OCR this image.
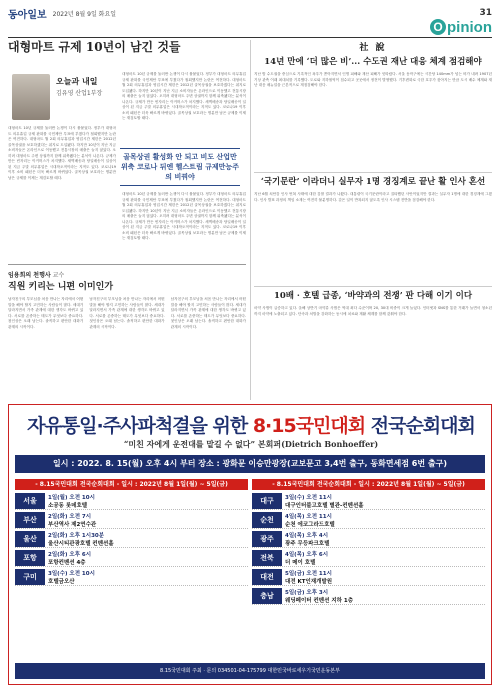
동아일보 2022년 8월 9일 화요일	31
O pinion
대형마트 규제 10년이 남긴 것들
오늘과 내일
김유영 산업1부장
대형마트 10년 규제를 둘러싼 논쟁이 다시 불붙었다. 정부가 대형마트 의무휴업 규제 완화를 국민제안 투표에 부쳤다가 철회했지만 논란은 여전하다. 대형마트 월 2회 의무휴업과 영업시간 제한은 2012년 골목상권을 보호하겠다는 취지로 도입됐다. 하지만 10년이 지난 지금 소비자들은 온라인으로 이동했고 전통시장의 매출은 늘지 않았다. 오히려 대형마트 주변 상권까지 함께 위축됐다는 분석이 나온다. 규제가 만든 빈자리는 이커머스가 차지했다. 새벽배송과 당일배송이 일상이 된 지금 주말 의무휴업은 시대착오적이라는 지적도 있다. 코로나19 이후 소비 패턴은 더욱 빠르게 바뀌었다. 골목상권 보호라는 명분만 남은 규제를 이제는 재검토할 때다.
대형마트 10년 규제를 둘러싼 논쟁이 다시 불붙었다. 정부가 대형마트 의무휴업 규제 완화를 국민제안 투표에 부쳤다가 철회했지만 논란은 여전하다. 대형마트 월 2회 의무휴업과 영업시간 제한은 2012년 골목상권을 보호하겠다는 취지로 도입됐다. 하지만 10년이 지난 지금 소비자들은 온라인으로 이동했고 전통시장의 매출은 늘지 않았다. 오히려 대형마트 주변 상권까지 함께 위축됐다는 분석이 나온다. 규제가 만든 빈자리는 이커머스가 차지했다. 새벽배송과 당일배송이 일상이 된 지금 주말 의무휴업은 시대착오적이라는 지적도 있다. 코로나19 이후 소비 패턴은 더욱 빠르게 바뀌었다. 골목상권 보호라는 명분만 남은 규제를 이제는 재검토할 때다.
골목상권 활성화 안 되고 비도 산업만 위축 코로나 뒤엔 헬스트림 규제만능주의 비꿔야
대형마트 10년 규제를 둘러싼 논쟁이 다시 불붙었다. 정부가 대형마트 의무휴업 규제 완화를 국민제안 투표에 부쳤다가 철회했지만 논란은 여전하다. 대형마트 월 2회 의무휴업과 영업시간 제한은 2012년 골목상권을 보호하겠다는 취지로 도입됐다. 하지만 10년이 지난 지금 소비자들은 온라인으로 이동했고 전통시장의 매출은 늘지 않았다. 오히려 대형마트 주변 상권까지 함께 위축됐다는 분석이 나온다. 규제가 만든 빈자리는 이커머스가 차지했다. 새벽배송과 당일배송이 일상이 된 지금 주말 의무휴업은 시대착오적이라는 지적도 있다. 코로나19 이후 소비 패턴은 더욱 빠르게 바뀌었다. 골목상권 보호라는 명분만 남은 규제를 이제는 재검토할 때다.
社 說
14년 만에 ‘더 많은 비’... 수도권 재난 대응 체계 점검해야
지난 밤 수도권을 중심으로 기록적인 폭우가 쏟아지면서 인명 피해와 재산 피해가 잇따랐다. 서울 동작구에는 시간당 140mm가 넘는 비가 내려 1907년 기상 관측 이래 최대치를 기록했다. 도로와 지하철역이 침수되고 곳곳에서 정전이 발생했다. 기후변화로 극한 호우가 잦아지는 만큼 도시 배수 체계와 재난 대응 매뉴얼을 근본적으로 재점검해야 한다.
‘국기문란’ 이라더니 실무자 1명 경징계로 끝난 활 인사 혼선
지난 6월 치안감 인사 번복 사태에 대한 감찰 결과가 나왔다. 대통령이 국기문란이라고 질타했던 사안이었지만 결과는 실무자 1명에 대한 경징계에 그쳤다. 인사 발표 과정의 책임 소재는 여전히 불분명하다. 같은 일이 반복되지 않도록 인사 시스템 전반을 점검해야 한다.
10배 · 호텔 급종, ‘바약과의 전쟁’ 판 다해 이기 이다
마약 사범이 급증하고 있다. 올해 상반기 마약류 사범은 역대 최다 수준이며 20, 30대 비중이 크게 늘었다. 인터넷과 SNS를 통한 거래가 늘면서 청소년까지 마약에 노출되고 있다. 단속과 처벌을 강화하는 동시에 치료와 재활 체계를 함께 갖춰야 한다.
임용희의 천행사 교수
직원 키리는 니편 이미인가
남자친구의 부모님을 처음 만나는 자리에서 어떤 말을 해야 할지 고민하는 사람들이 많다. 세대가 달라지면서 가족 관계에 대한 생각도 바뀌고 있다. 서로를 존중하는 태도가 무엇보다 중요하다. 첫인상은 오래 남는다. 솔직하고 편안한 대화가 관계의 시작이다.
남자친구의 부모님을 처음 만나는 자리에서 어떤 말을 해야 할지 고민하는 사람들이 많다. 세대가 달라지면서 가족 관계에 대한 생각도 바뀌고 있다. 서로를 존중하는 태도가 무엇보다 중요하다. 첫인상은 오래 남는다. 솔직하고 편안한 대화가 관계의 시작이다.
남자친구의 부모님을 처음 만나는 자리에서 어떤 말을 해야 할지 고민하는 사람들이 많다. 세대가 달라지면서 가족 관계에 대한 생각도 바뀌고 있다. 서로를 존중하는 태도가 무엇보다 중요하다. 첫인상은 오래 남는다. 솔직하고 편안한 대화가 관계의 시작이다.
자유통일·주사파척결을 위한 8·15국민대회 전국순회대회
“미친 자에게 운전대를 맡길 수 없다” 본회퍼(Dietrich Bonhoeffer)
일시 : 2022. 8. 15(월) 오후 4시 부터 장소 : 광화문 이승만광장(교보문고 3,4번 출구, 동화면세점 6번 출구)
- 8.15국민대회 전국순회대회 - 일시 : 2022년 8월 1일(월) ~ 5일(금)	- 8.15국민대회 전국순회대회 - 일시 : 2022년 8월 1일(월) ~ 5일(금)
서울	1일(월) 오전 10시
소공동 롯데호텔
부산	2일(화) 오전 7시
부산역사 제2연수관
울산	2일(화) 오후 1시30분
울산시티관광호텔 컨벤션홀
포항	2일(화) 오후 6시
포항컨벤션 4층
구미	3일(수) 오전 10시
호텔금오산
대구	3일(수) 오전 11시
대구인터불고호텔 별관-컨벤션홀
순천	4일(목) 오전 11시
순천 에코그라드호텔
광주	4일(목) 오후 4시
광주 무등파크호텔
전북	4일(목) 오후 6시
더 메이 호텔
대전	5일(금) 오전 11시
대전 KT인재개발원
충남	5일(금) 오후 3시
웨딩페이터 컨벤션 지하 1층
8.15국민대회 주최 · 문의 034501-04-175799 대한민국바로세우기국민운동본부
